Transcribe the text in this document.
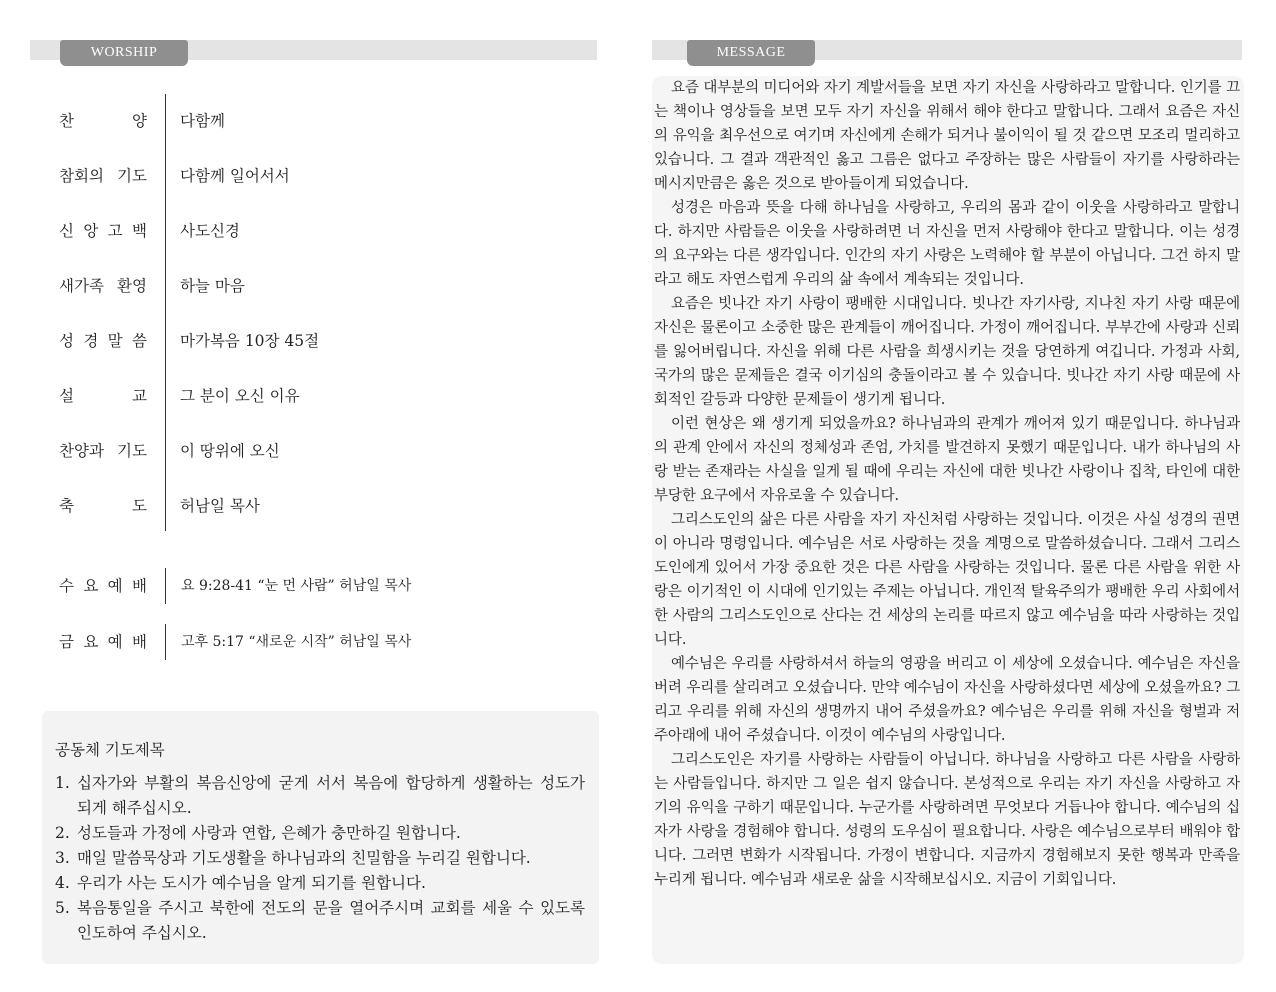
WORSHIP
찬 양 다함께
참회의 기도 다함께 일어서서
신 앙 고 백 사도신경
새가족 환영 하늘 마음
성 경 말 씀 마가복음 10장 45절
설 교 그 분이 오신 이유
찬양과 기도 이 땅위에 오신
축 도 허남일 목사
수 요 예 배 요 9:28-41 “눈 먼 사람” 허남일 목사
금 요 예 배 고후 5:17 “새로운 시작” 허남일 목사
공동체 기도제목
1. 십자가와 부활의 복음신앙에 굳게 서서 복음에 합당하게 생활하는 성도가 되게 해주십시오.
2. 성도들과 가정에 사랑과 연합, 은혜가 충만하길 원합니다.
3. 매일 말씀묵상과 기도생활을 하나님과의 친밀함을 누리길 원합니다.
4. 우리가 사는 도시가 예수님을 알게 되기를 원합니다.
5. 복음통일을 주시고 북한에 전도의 문을 열어주시며 교회를 세울 수 있도록 인도하여 주십시오.
MESSAGE

요즘 대부분의 미디어와 자기 계발서들을 보면 자기 자신을 사랑하라고 말합니다. 인기를 끄는 책이나 영상들을 보면 모두 자기 자신을 위해서 해야 한다고 말합니다. 그래서 요즘은 자신의 유익을 최우선으로 여기며 자신에게 손해가 되거나 불이익이 될 것 같으면 모조리 멀리하고 있습니다. 그 결과 객관적인 옳고 그름은 없다고 주장하는 많은 사람들이 자기를 사랑하라는 메시지만큼은 옳은 것으로 받아들이게 되었습니다.

성경은 마음과 뜻을 다해 하나님을 사랑하고, 우리의 몸과 같이 이웃을 사랑하라고 말합니다. 하지만 사람들은 이웃을 사랑하려면 너 자신을 먼저 사랑해야 한다고 말합니다. 이는 성경의 요구와는 다른 생각입니다. 인간의 자기 사랑은 노력해야 할 부분이 아닙니다. 그건 하지 말라고 해도 자연스럽게 우리의 삶 속에서 계속되는 것입니다.

요즘은 빗나간 자기 사랑이 팽배한 시대입니다. 빗나간 자기사랑, 지나친 자기 사랑 때문에 자신은 물론이고 소중한 많은 관계들이 깨어집니다. 가정이 깨어집니다. 부부간에 사랑과 신뢰를 잃어버립니다. 자신을 위해 다른 사람을 희생시키는 것을 당연하게 여깁니다. 가정과 사회, 국가의 많은 문제들은 결국 이기심의 충돌이라고 볼 수 있습니다. 빗나간 자기 사랑 때문에 사회적인 갈등과 다양한 문제들이 생기게 됩니다.

이런 현상은 왜 생기게 되었을까요? 하나님과의 관계가 깨어져 있기 때문입니다. 하나님과의 관계 안에서 자신의 정체성과 존엄, 가치를 발견하지 못했기 때문입니다. 내가 하나님의 사랑 받는 존재라는 사실을 일게 될 때에 우리는 자신에 대한 빗나간 사랑이나 집착, 타인에 대한 부당한 요구에서 자유로울 수 있습니다.

그리스도인의 삶은 다른 사람을 자기 자신처럼 사랑하는 것입니다. 이것은 사실 성경의 권면이 아니라 명령입니다. 예수님은 서로 사랑하는 것을 계명으로 말씀하셨습니다. 그래서 그리스도인에게 있어서 가장 중요한 것은 다른 사람을 사랑하는 것입니다. 물론 다른 사람을 위한 사랑은 이기적인 이 시대에 인기있는 주제는 아닙니다. 개인적 탈육주의가 팽배한 우리 사회에서 한 사람의 그리스도인으로 산다는 건 세상의 논리를 따르지 않고 예수님을 따라 사랑하는 것입니다.

예수님은 우리를 사랑하셔서 하늘의 영광을 버리고 이 세상에 오셨습니다. 예수님은 자신을 버려 우리를 살리려고 오셨습니다. 만약 예수님이 자신을 사랑하셨다면 세상에 오셨을까요? 그리고 우리를 위해 자신의 생명까지 내어 주셨을까요? 예수님은 우리를 위해 자신을 형벌과 저주아래에 내어 주셨습니다. 이것이 예수님의 사랑입니다.

그리스도인은 자기를 사랑하는 사람들이 아닙니다. 하나님을 사랑하고 다른 사람을 사랑하는 사람들입니다. 하지만 그 일은 쉽지 않습니다. 본성적으로 우리는 자기 자신을 사랑하고 자기의 유익을 구하기 때문입니다. 누군가를 사랑하려면 무엇보다 거듭나야 합니다. 예수님의 십자가 사랑을 경험해야 합니다. 성령의 도우심이 필요합니다. 사랑은 예수님으로부터 배워야 합니다. 그러면 변화가 시작됩니다. 가정이 변합니다. 지금까지 경험해보지 못한 행복과 만족을 누리게 됩니다. 예수님과 새로운 삶을 시작해보십시오. 지금이 기회입니다.
